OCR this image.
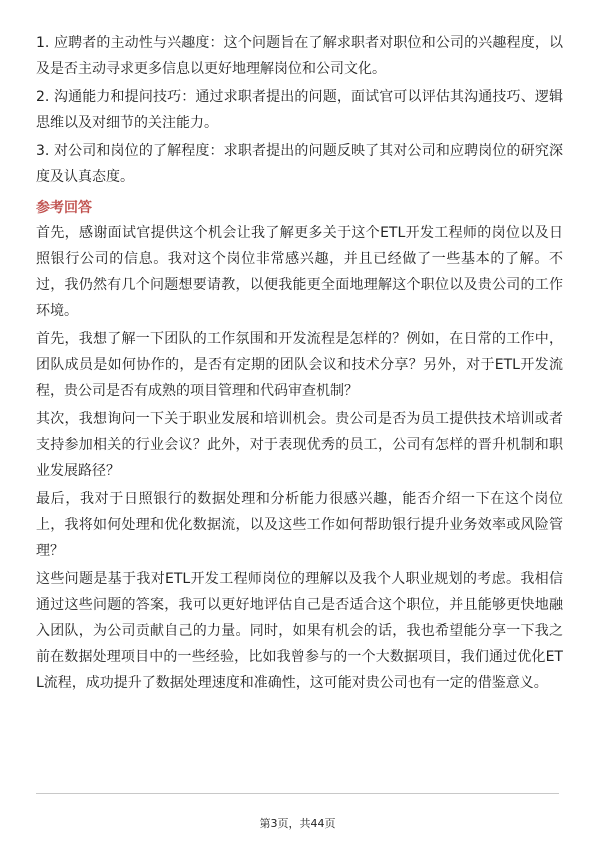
1. 应聘者的主动性与兴趣度：这个问题旨在了解求职者对职位和公司的兴趣程度，以及是否主动寻求更多信息以更好地理解岗位和公司文化。

2. 沟通能力和提问技巧：通过求职者提出的问题，面试官可以评估其沟通技巧、逻辑思维以及对细节的关注能力。

3. 对公司和岗位的了解程度：求职者提出的问题反映了其对公司和应聘岗位的研究深度及认真态度。

参考回答

首先，感谢面试官提供这个机会让我了解更多关于这个ETL开发工程师的岗位以及日照银行公司的信息。我对这个岗位非常感兴趣，并且已经做了一些基本的了解。不过，我仍然有几个问题想要请教，以便我能更全面地理解这个职位以及贵公司的工作环境。

首先，我想了解一下团队的工作氛围和开发流程是怎样的？例如，在日常的工作中，团队成员是如何协作的，是否有定期的团队会议和技术分享？另外，对于ETL开发流程，贵公司是否有成熟的项目管理和代码审查机制？

其次，我想询问一下关于职业发展和培训机会。贵公司是否为员工提供技术培训或者支持参加相关的行业会议？此外，对于表现优秀的员工，公司有怎样的晋升机制和职业发展路径？

最后，我对于日照银行的数据处理和分析能力很感兴趣，能否介绍一下在这个岗位上，我将如何处理和优化数据流，以及这些工作如何帮助银行提升业务效率或风险管理？

这些问题是基于我对ETL开发工程师岗位的理解以及我个人职业规划的考虑。我相信通过这些问题的答案，我可以更好地评估自己是否适合这个职位，并且能够更快地融入团队，为公司贡献自己的力量。同时，如果有机会的话，我也希望能分享一下我之前在数据处理项目中的一些经验，比如我曾参与的一个大数据项目，我们通过优化ETL流程，成功提升了数据处理速度和准确性，这可能对贵公司也有一定的借鉴意义。

第3页，共44页
